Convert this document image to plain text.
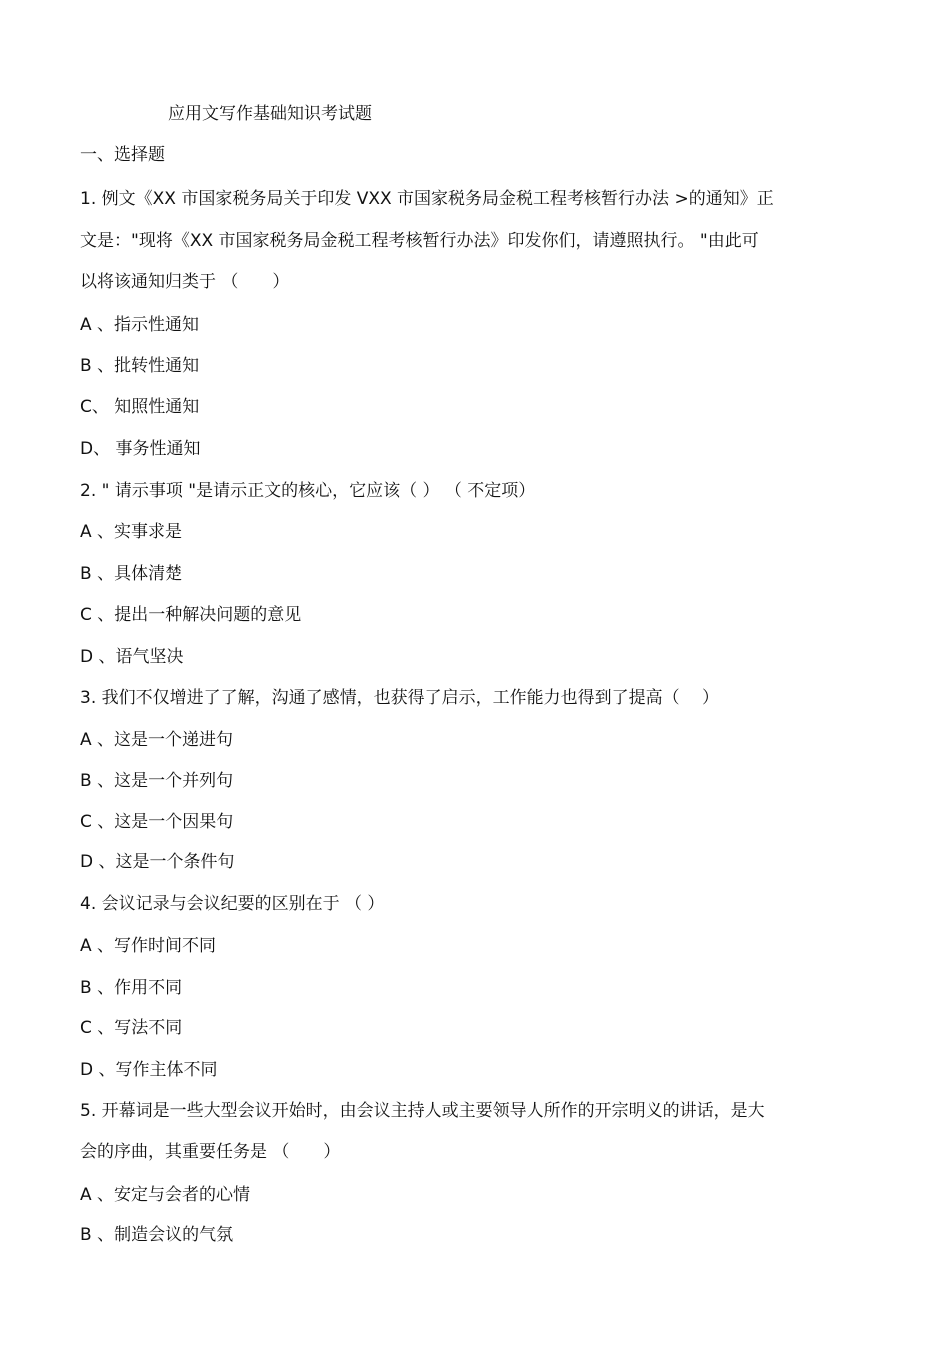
应用文写作基础知识考试题
一、选择题
1. 例文《XX 市国家税务局关于印发 VXX 市国家税务局金税工程考核暂行办法 >的通知》正
文是："现将《XX 市国家税务局金税工程考核暂行办法》印发你们，请遵照执行。 "由此可
以将该通知归类于 （　　）
A 、指示性通知
B 、批转性通知
C、 知照性通知
D、 事务性通知
2. " 请示事项 "是请示正文的核心，它应该（ ） （ 不定项）
A 、实事求是
B 、具体清楚
C 、提出一种解决问题的意见
D 、语气坚决
3. 我们不仅增进了了解，沟通了感情，也获得了启示，工作能力也得到了提高（　 ）
A 、这是一个递进句
B 、这是一个并列句
C 、这是一个因果句
D 、这是一个条件句
4. 会议记录与会议纪要的区别在于 （ ）
A 、写作时间不同
B 、作用不同
C 、写法不同
D 、写作主体不同
5. 开幕词是一些大型会议开始时，由会议主持人或主要领导人所作的开宗明义的讲话，是大
会的序曲，其重要任务是 （　　）
A 、安定与会者的心情
B 、制造会议的气氛
